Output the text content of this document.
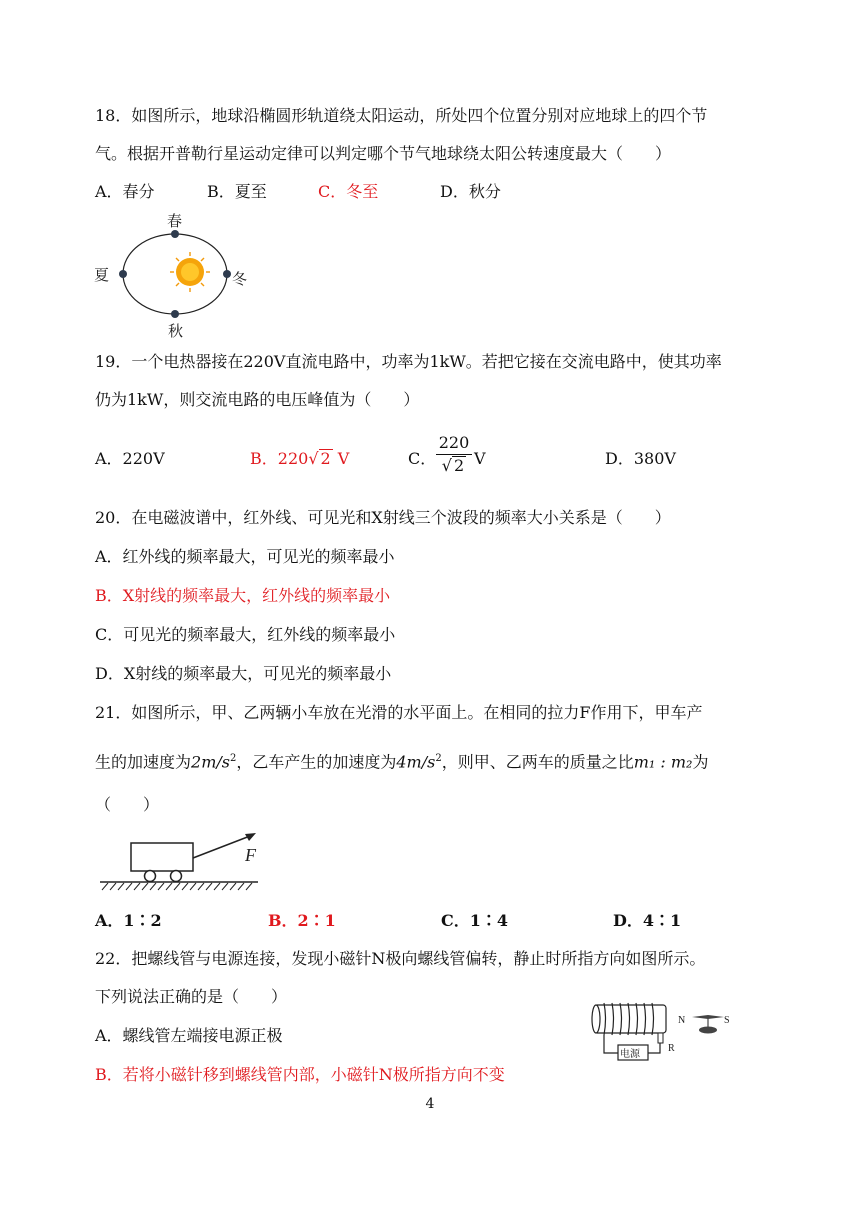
18．如图所示，地球沿椭圆形轨道绕太阳运动，所处四个位置分别对应地球上的四个节
气。根据开普勒行星运动定律可以判定哪个节气地球绕太阳公转速度最大（　　）
A．春分	B．夏至	C．冬至	D．秋分
春
夏	冬
秋
19．一个电热器接在220V直流电路中，功率为1kW。若把它接在交流电路中，使其功率
仍为1kW，则交流电路的电压峰值为（　　）
A．220V	B．220√ 2 V	C． $\frac{220}{√ 2}$ V	D．380V
20．在电磁波谱中，红外线、可见光和X射线三个波段的频率大小关系是（　　）
A．红外线的频率最大，可见光的频率最小
B．X射线的频率最大，红外线的频率最小
C．可见光的频率最大，红外线的频率最小
D．X射线的频率最大，可见光的频率最小
21．如图所示，甲、乙两辆小车放在光滑的水平面上。在相同的拉力F作用下，甲车产
生的加速度为$2m/s^2$，乙车产生的加速度为$4m/s^2$，则甲、乙两车的质量之比m₁ : m₂为
（　　）
F
A．1∶2	B．2∶1	C．1∶4	D．4∶1
22．把螺线管与电源连接，发现小磁针N极向螺线管偏转，静止时所指方向如图所示。
下列说法正确的是（　　）
A．螺线管左端接电源正极
B．若将小磁针移到螺线管内部，小磁针N极所指方向不变
电源
R
N	S
4
